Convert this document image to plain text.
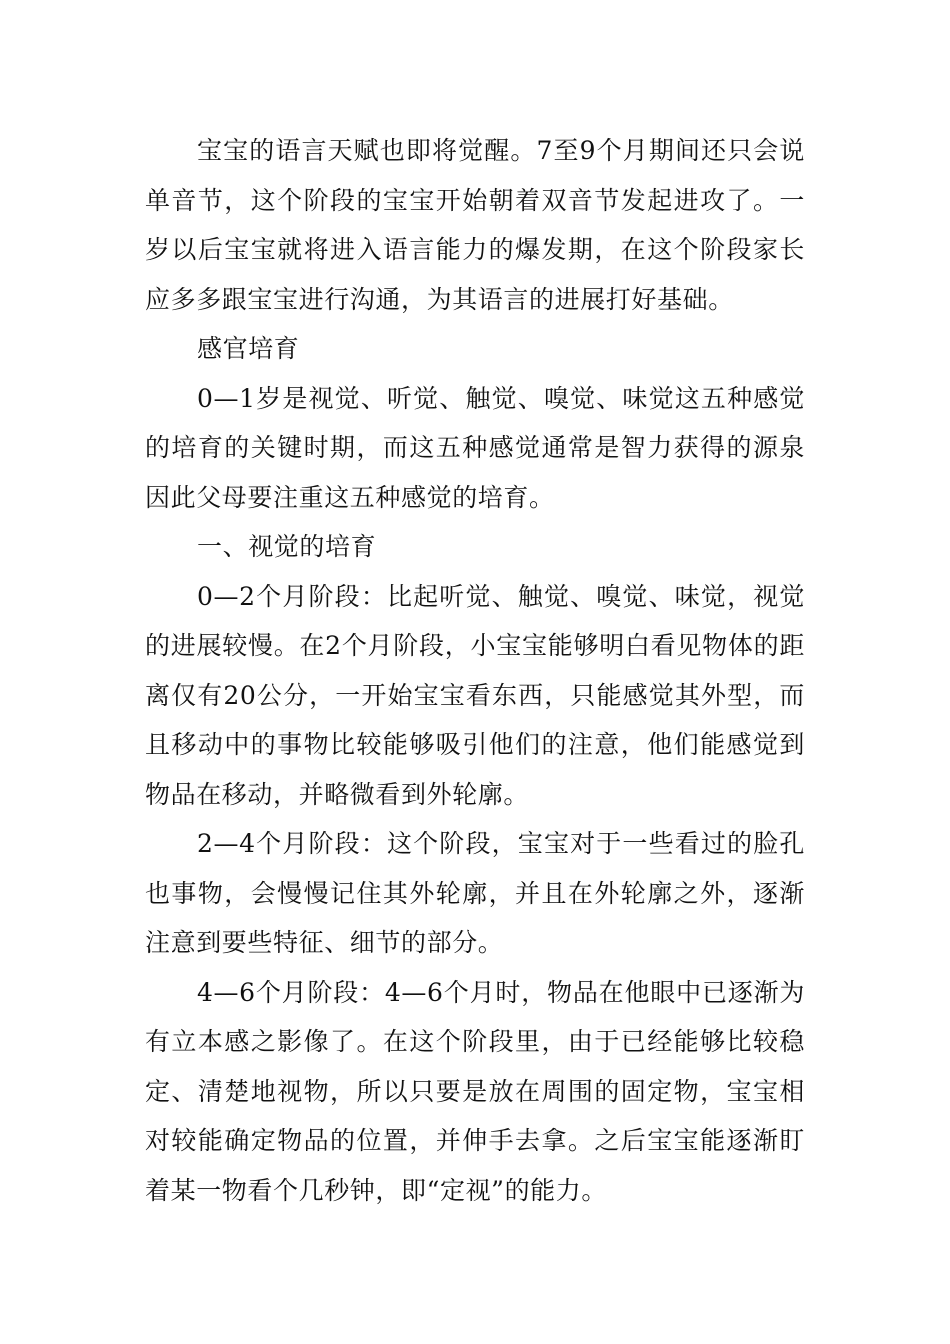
宝宝的语言天赋也即将觉醒。7至9个月期间还只会说单音节，这个阶段的宝宝开始朝着双音节发起进攻了。一岁以后宝宝就将进入语言能力的爆发期，在这个阶段家长应多多跟宝宝进行沟通，为其语言的进展打好基础。

感官培育

0—1岁是视觉、听觉、触觉、嗅觉、味觉这五种感觉的培育的关键时期，而这五种感觉通常是智力获得的源泉因此父母要注重这五种感觉的培育。

一、视觉的培育

0—2个月阶段：比起听觉、触觉、嗅觉、味觉，视觉的进展较慢。在2个月阶段，小宝宝能够明白看见物体的距离仅有20公分，一开始宝宝看东西，只能感觉其外型，而且移动中的事物比较能够吸引他们的注意，他们能感觉到物品在移动，并略微看到外轮廓。

2—4个月阶段：这个阶段，宝宝对于一些看过的脸孔也事物，会慢慢记住其外轮廓，并且在外轮廓之外，逐渐注意到要些特征、细节的部分。

4—6个月阶段：4—6个月时，物品在他眼中已逐渐为有立本感之影像了。在这个阶段里，由于已经能够比较稳定、清楚地视物，所以只要是放在周围的固定物，宝宝相对较能确定物品的位置，并伸手去拿。之后宝宝能逐渐盯着某一物看个几秒钟，即“定视”的能力。
